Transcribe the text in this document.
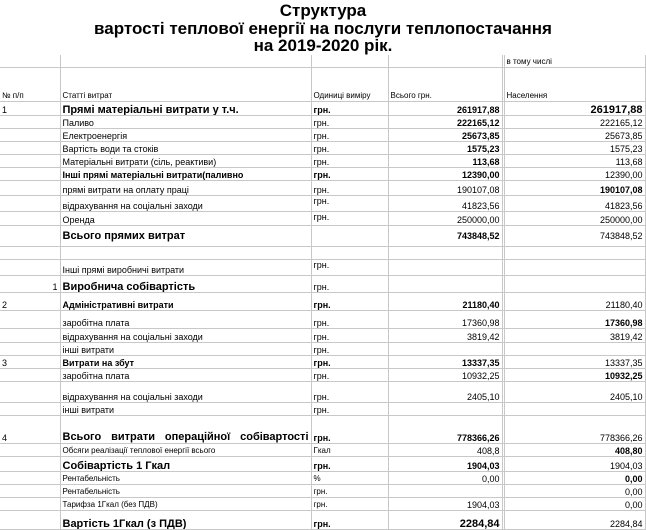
Структура
вартості теплової енергії на послуги теплопостачання
на 2019-2020 рік.
					в тому числі
№ п/п	Статті витрат	Одиниці виміру	Всього грн.		Населення
1	Прямі матеріальні витрати у т.ч.	грн.	261917,88		261917,88
	Паливо	грн.	222165,12		222165,12
	Електроенергія	грн.	25673,85		25673,85
	Вартість води та стоків	грн.	1575,23		1575,23
	Матеріальні витрати (сіль, реактиви)	грн.	113,68		113,68
	Інші прямі матеріальні витрати(паливно	грн.	12390,00		12390,00
	прямі витрати на оплату праці	грн.	190107,08		190107,08
	відрахування на соціальні заходи	грн.	41823,56		41823,56
	Оренда	грн.	250000,00		250000,00
	Всього прямих витрат		743848,52		743848,52

	Інші прямі виробничі витрати	грн.			
1	Виробнича собівартість	грн.			
2	Адміністративні витрати	грн.	21180,40		21180,40
	заробітна плата	грн.	17360,98		17360,98
	відрахування на соціальні заходи	грн.	3819,42		3819,42
	інші витрати	грн.			
3	Витрати на збут	грн.	13337,35		13337,35
	заробітна плата	грн.	10932,25		10932,25
	відрахування на соціальні заходи	грн.	2405,10		2405,10
	інші витрати	грн.			
4	Всього витрати операційної собівартості	грн.	778366,26		778366,26
	Обсяги реалізації теплової енергії всього	Гкал	408,8		408,80
	Собівартість 1 Гкал	грн.	1904,03		1904,03
	Рентабельність	%	0,00		0,00
	Рентабельність	грн.			0,00
	Тарифза 1Гкал (без ПДВ)	грн.	1904,03		0,00
	Вартість 1Гкал (з ПДВ)	грн.	2284,84		2284,84
